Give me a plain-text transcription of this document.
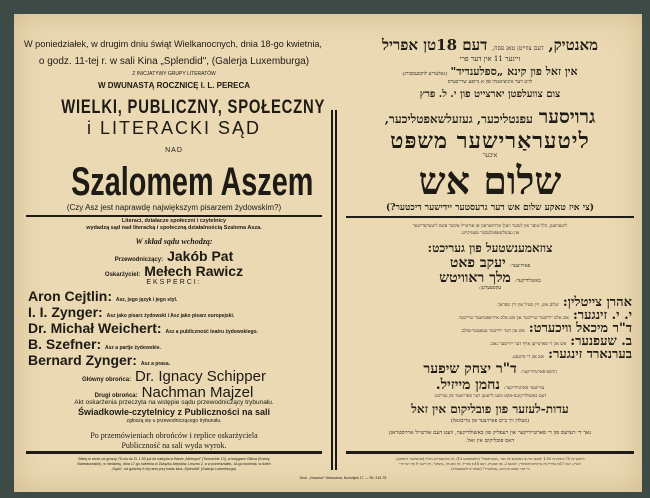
W poniedziałek, w drugim dniu świąt Wielkanocnych, dnia 18-go kwietnia,
o godz. 11-tej r. w sali Kina „Splendid", (Galerja Luxemburga)
Z INICJATYWY GRUPY LITERATÓW
W DWUNASTĄ ROCZNICĘ I. L. PERECA
WIELKI, PUBLICZNY, SPOŁECZNY
i LITERACKI SĄD
NAD
Szalomem Aszem
(Czy Asz jest naprawdę największym pisarzem żydowskim?)
Literaci, działacze społeczni i czytelnicy
wydadzą sąd nad literacką i społeczną działalnością Szaloma Asza.
W skład sądu wchodzą:
Przewodniczący: Jakób Pat
Oskarżyciel: Mełech Rawicz
EKSPERCI:
Aron Cejtlin: Asz, jego język i jego styl.
I. I. Zynger: Asz jako pisarz żydowski i Asz jako pisarz europejski.
Dr. Michał Weichert: Asz a publiczność teatru żydowskiego.
B. Szefner: Asz a partje żydowskie.
Bernard Zynger: Asz a prasa.
Główny obrońca: Dr. Ignacy Schipper
Drugi obrońca: Nachman Majzel
Akt oskarżenia przeczyta na wstępie sądu przewodniczący trybunału.
Świadkowie-czytelnicy z Publiczności na sali
zgłoszą się u przewodniczącego trybunału.
Po przemówieniach obrońców i replice oskarżyciela
Publiczność na sali wyda wyrok.
Bilety w cenie od groszy 75-ciu do Zł. 1.50 już do nabycia w Barze „Metropol" (Tłomackie 13), w księgarni Gitlina (Kramy
Nalewkowskie), w niedzielę, dnia 17-go kwietnia w Związku Artystów, Leszno 2, a w poniedziałek, 18-go kwietnia, w dzień
„Sądu", od godziny 9-tej rano przy kasie kina „Splendid" (Galerja Luxemburga).
Druk. „Nowości" Warszawa, Nowolipki 17 — Tel. 243-78
מאנטיק, דעם צווייטן טאג פסח, דעם 18טן אפריל
זייגער 11 אין דער פרי
אין זאל פון קינא „ספלענדיד" (גאלעריע לוקסעמבורג)
לויט דער איניציאטיוו פון א גרופע שרייבערס
צום צוועלפטן יארצייט פון י. ל. פרץ
גרויסער עפנטליכער, געזעלשאפטליכער,
ליטעראַרישער משפּט
איבער
שלום אש
(צי איז טאקע שלום אש דער גרעסטער יידישער דיכטער?)
ליטעראטן, כלל-טוער און לעזער וועלן ארויסטראגן אן אורטייל איבער אשס ליטעראַרישער
און געזעלשאפטלעכער טעטיקייט.
צוזאמענשטעל פון געריכט:
פארזיצער:יעקב פאט
באשולדיקער:מלך ראוויטש
עקספערטן:
אהרן צייטלין: שלום אש, זיין סטיל און זיין שפראך.
י. י. זינגער: אש אלס יידישער שרייבער און אש אלס אייראפעישער שרייבער.
ד"ר מיכאל וויכערט: אש און דער יידישער טעאטער-עולם.
ב. שעפנער: אש און די פארטייען אויף דער יידישער גאס.
בערנארד זינגער: אש און די פרעסע.
הויפט-פארטיידיקער:ד"ר יצחק שיפער
צווייטער פארטיידיקער:נחמן מייזיל.
דעם באשולדיקונגס-אקט וועט לייענען דער פארזיצער פון געריכט.
עדות-לעזער פון פובליקום אין זאל
(מעלדן זיך ביים פארזיצער פון טריבונאל)
נאך די רעדעס פון די פארטיידיקער און רעפליק פון באשולדיקער, וועט דעם אורטייל ארויסטראגן
דאס פובליקום אין זאל.
בילעטן פון 75 גראשן ביז 1.50 זלאטע שוין צו באקומען אין באר „מעטראפאל" (טלאמאצקע 13), אין בוכהאנדלונג גיטלין (נאלעווקער קראמען),
זונטיק, דעם 17טן אפריל אין אַרטיסטן-פאראיין, לעשנא 2, און מאנטיק, דעם 18טן אפריל, אין טאג פון „משפט", פון זייגער 9 אין דער פרי
ביי דער קאסע פון קינא „ספלענדיד" (גאלעריע לוקסעמבורג).
